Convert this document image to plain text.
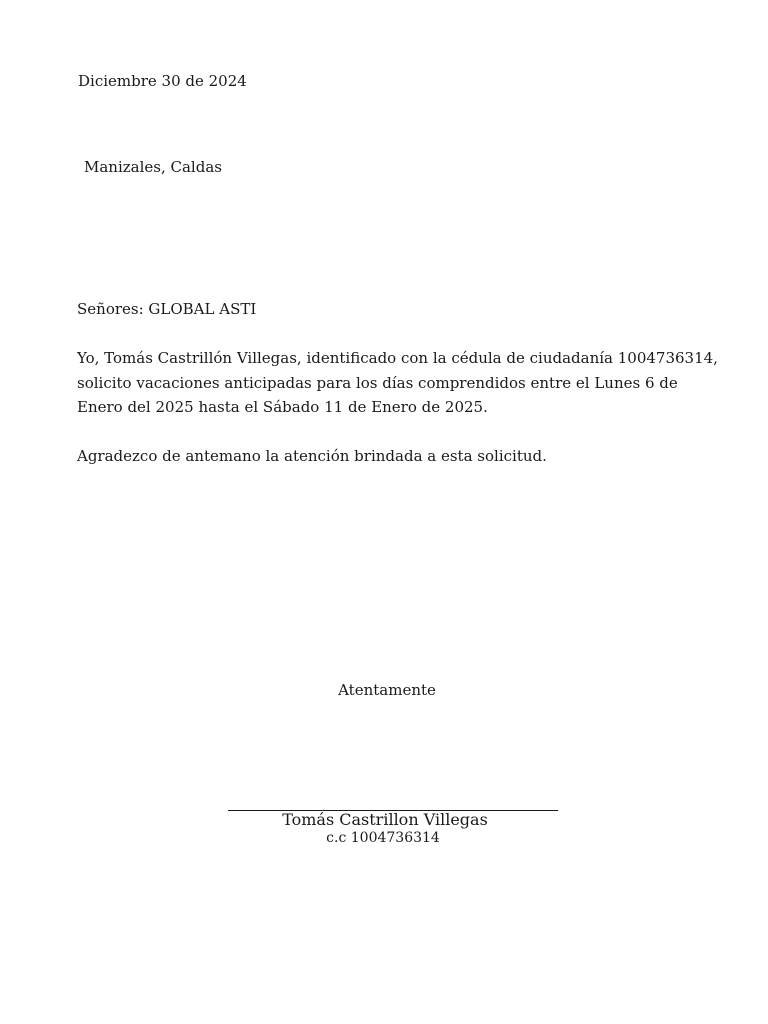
Diciembre 30 de 2024
Manizales, Caldas
Señores: GLOBAL ASTI
Yo, Tomás Castrillón Villegas, identificado con la cédula de ciudadanía 1004736314,
solicito vacaciones anticipadas para los días comprendidos entre el Lunes 6 de
Enero del 2025 hasta el Sábado 11 de Enero de 2025.
Agradezco de antemano la atención brindada a esta solicitud.
Atentamente
Tomás Castrillon Villegas
c.c 1004736314
